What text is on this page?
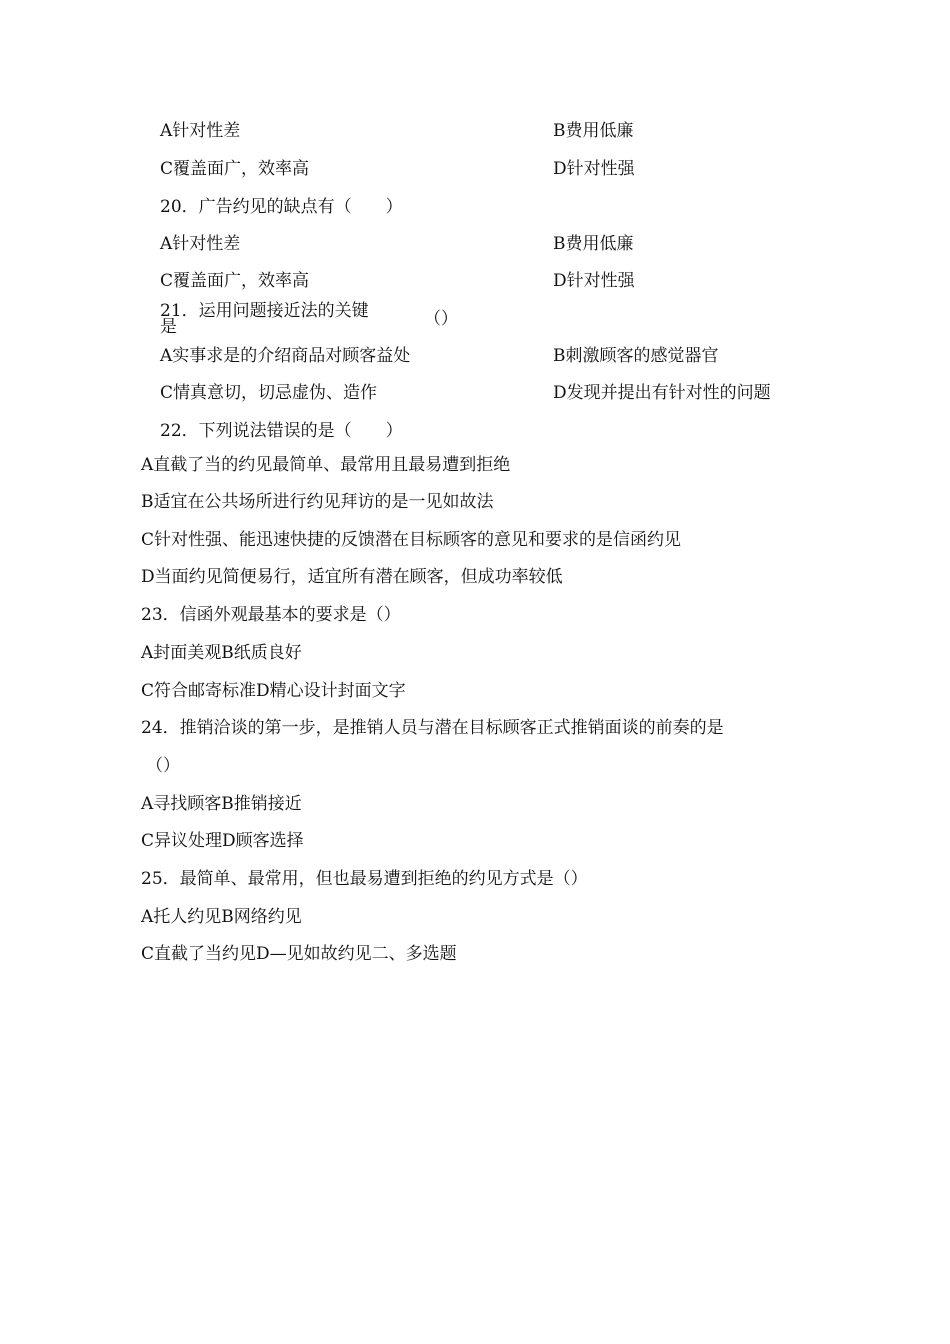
A针对性差	B费用低廉
C覆盖面广，效率高	D针对性强
20．广告约见的缺点有（　　）
A针对性差	B费用低廉
C覆盖面广，效率高	D针对性强
21．运用问题接近法的关键
是	（）
A实事求是的介绍商品对顾客益处	B刺激顾客的感觉器官
C情真意切，切忌虚伪、造作	D发现并提出有针对性的问题
22．下列说法错误的是（　　）
A直截了当的约见最简单、最常用且最易遭到拒绝
B适宜在公共场所进行约见拜访的是一见如故法
C针对性强、能迅速快捷的反馈潜在目标顾客的意见和要求的是信函约见
D当面约见简便易行，适宜所有潜在顾客，但成功率较低
23．信函外观最基本的要求是（）
A封面美观B纸质良好
C符合邮寄标准D精心设计封面文字
24．推销洽谈的第一步，是推销人员与潜在目标顾客正式推销面谈的前奏的是
（）
A寻找顾客B推销接近
C异议处理D顾客选择
25．最简单、最常用，但也最易遭到拒绝的约见方式是（）
A托人约见B网络约见
C直截了当约见D—见如故约见二、多选题
